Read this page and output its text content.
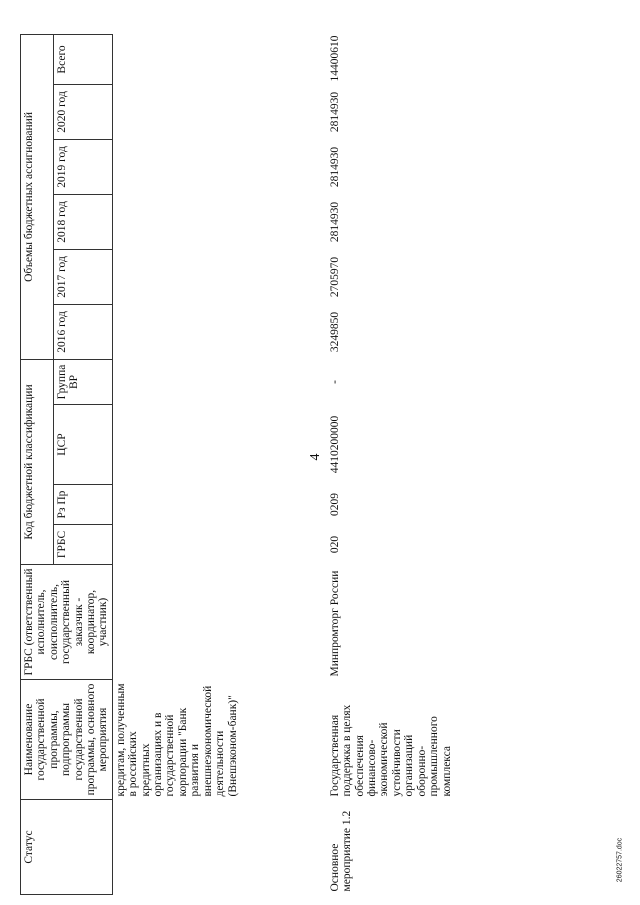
4
Статус	Наименование государственной программы, подпрограммы государственной программы, основного мероприятия	ГРБС (ответственный исполнитель, соисполнитель, государственный заказчик - координатор, участник)	Код бюджетной классификации				Объемы бюджетных ассигнований					
			ГРБС	Рз Пр	ЦСР	Группа ВР	2016 год	2017 год	2018 год	2019 год	2020 год	Всего
	кредитам, полученным в российских кредитных организациях и в государственной корпорации "Банк развития и внешнеэкономической деятельности (Внешэконом-банк)"											
Основное мероприятие 1.2	Государственная поддержка в целях обеспечения финансово-экономической устойчивости организаций оборонно-промышленного комплекса	Минпромторг России	020	0209	4410200000	-	3249850	2705970	2814930	2814930	2814930	14400610
26022757.doc
